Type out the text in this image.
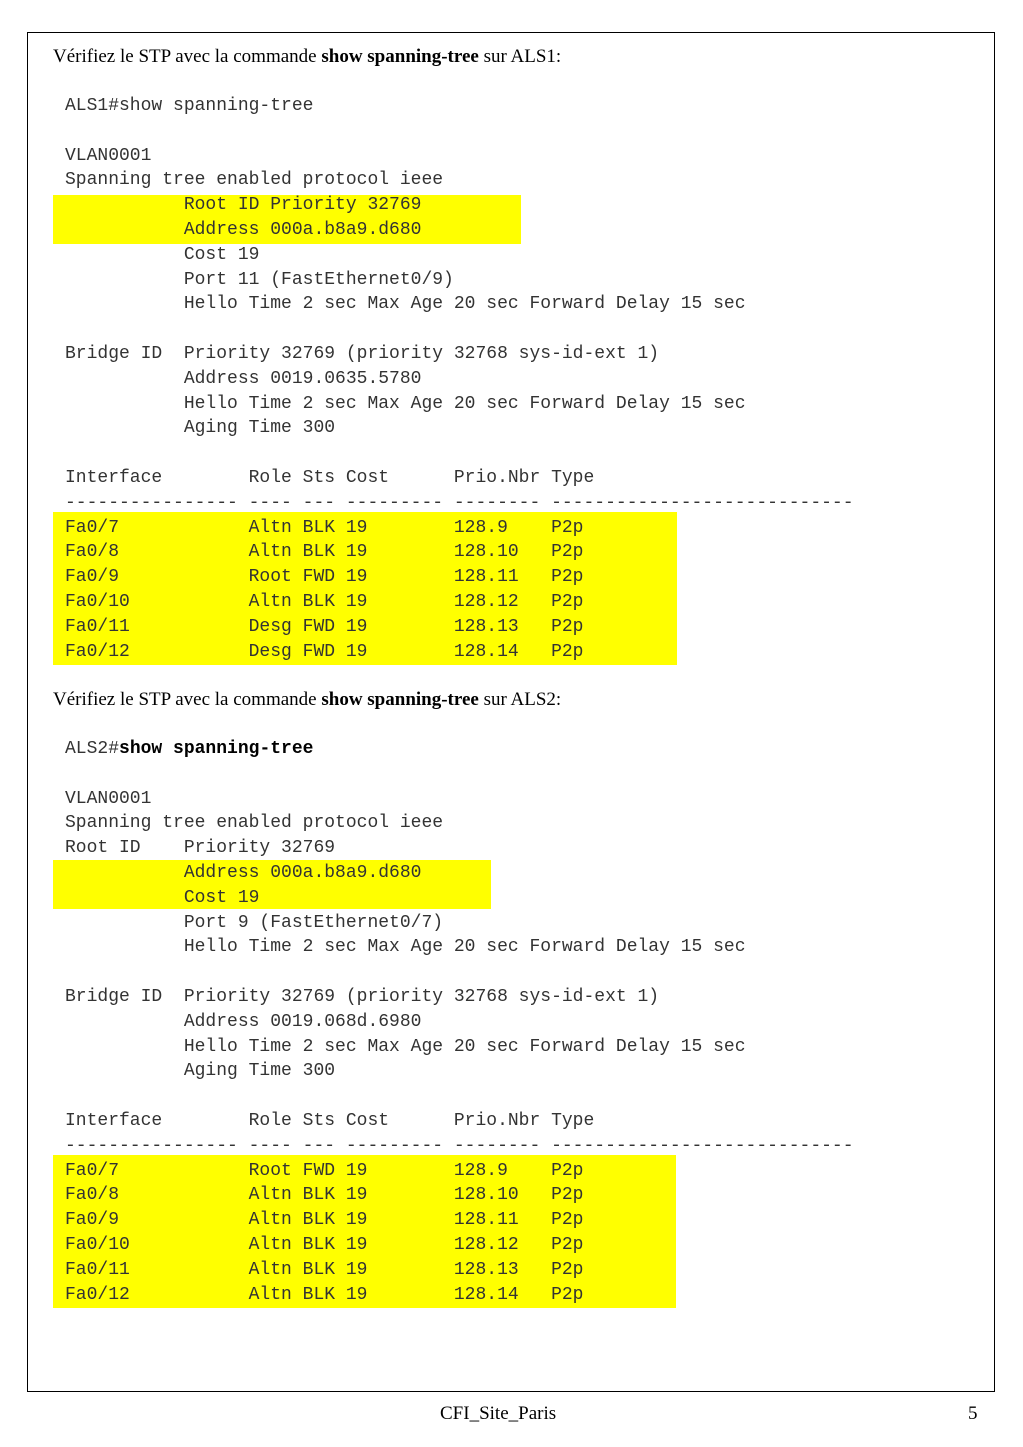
Vérifiez le STP avec la commande show spanning-tree sur ALS1:
ALS1#show spanning-tree

VLAN0001
Spanning tree enabled protocol ieee
Root ID Priority 32769
Address 000a.b8a9.d680
Cost 19
Port 11 (FastEthernet0/9)
Hello Time 2 sec Max Age 20 sec Forward Delay 15 sec

Bridge ID  Priority 32769 (priority 32768 sys-id-ext 1)
Address 0019.0635.5780
Hello Time 2 sec Max Age 20 sec Forward Delay 15 sec
Aging Time 300

Interface        Role Sts Cost      Prio.Nbr Type
---------------- ---- --- --------- -------- ----------------------------
Fa0/7            Altn BLK 19        128.9    P2p
Fa0/8            Altn BLK 19        128.10   P2p
Fa0/9            Root FWD 19        128.11   P2p
Fa0/10           Altn BLK 19        128.12   P2p
Fa0/11           Desg FWD 19        128.13   P2p
Fa0/12           Desg FWD 19        128.14   P2p
Vérifiez le STP avec la commande show spanning-tree sur ALS2:
ALS2#show spanning-tree

VLAN0001
Spanning tree enabled protocol ieee
Root ID    Priority 32769
Address 000a.b8a9.d680
Cost 19
Port 9 (FastEthernet0/7)
Hello Time 2 sec Max Age 20 sec Forward Delay 15 sec

Bridge ID  Priority 32769 (priority 32768 sys-id-ext 1)
Address 0019.068d.6980
Hello Time 2 sec Max Age 20 sec Forward Delay 15 sec
Aging Time 300

Interface        Role Sts Cost      Prio.Nbr Type
---------------- ---- --- --------- -------- ----------------------------
Fa0/7            Root FWD 19        128.9    P2p
Fa0/8            Altn BLK 19        128.10   P2p
Fa0/9            Altn BLK 19        128.11   P2p
Fa0/10           Altn BLK 19        128.12   P2p
Fa0/11           Altn BLK 19        128.13   P2p
Fa0/12           Altn BLK 19        128.14   P2p
CFI_Site_Paris	5
